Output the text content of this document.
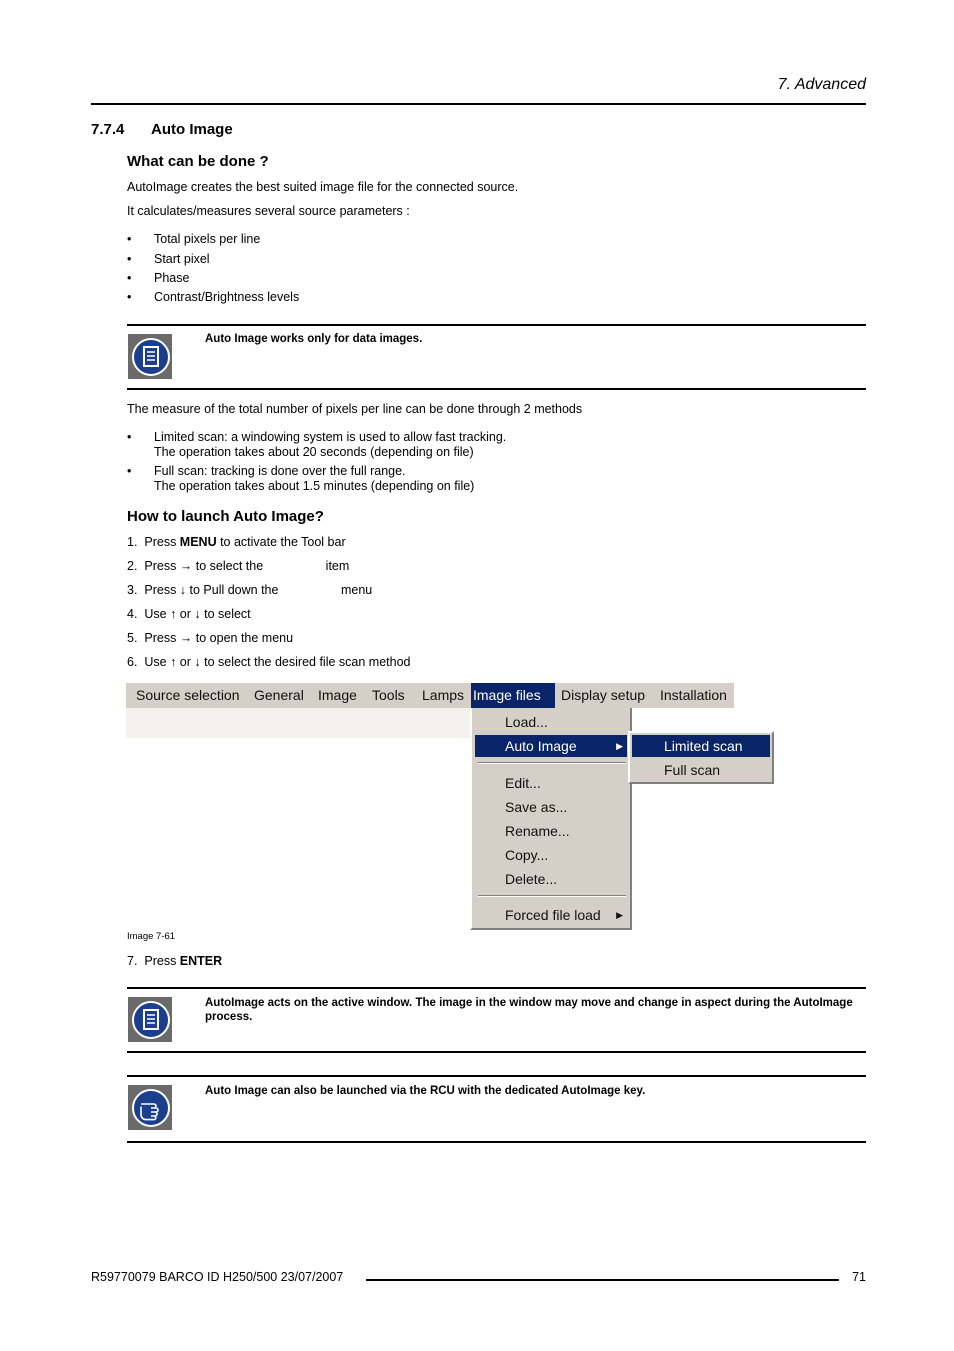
7. Advanced
7.7.4 Auto Image
What can be done ?
AutoImage creates the best suited image file for the connected source.
It calculates/measures several source parameters :
• Total pixels per line
• Start pixel
• Phase
• Contrast/Brightness levels
Auto Image works only for data images.
The measure of the total number of pixels per line can be done through 2 methods
• Limited scan: a windowing system is used to allow fast tracking.
The operation takes about 20 seconds (depending on file)
• Full scan: tracking is done over the full range.
The operation takes about 1.5 minutes (depending on file)
How to launch Auto Image?
1.  Press MENU to activate the Tool bar
2.  Press → to select the                  item
3.  Press ↓ to Pull down the                  menu
4.  Use ↑ or ↓ to select
5.  Press → to open the menu
6.  Use ↑ or ↓ to select the desired file scan method
Source selection General Image Tools Lamps Image files	Display setup Installation
Load...
Auto Image	▶
Edit...
Save as...
Rename...
Copy...
Delete...
Forced file load ▶
Limited scan
Full scan
Image 7-61
7.  Press ENTER
AutoImage acts on the active window. The image in the window may move and change in aspect during the AutoImage process.
Auto Image can also be launched via the RCU with the dedicated AutoImage key.
R59770079 BARCO ID H250/500 23/07/2007	71
